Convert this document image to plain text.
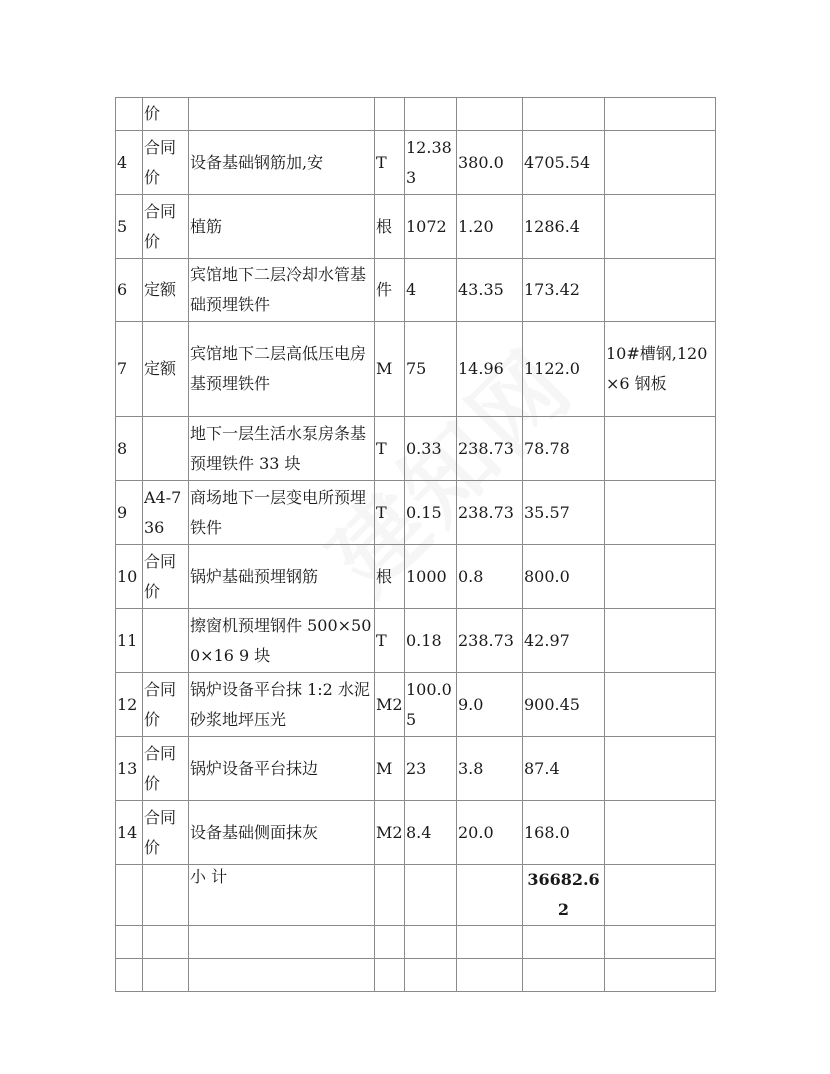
	价						
4	合同价	设备基础钢筋加,安	T	12.383	380.0	4705.54	
5	合同价	植筋	根	1072	1.20	1286.4	
6	定额	宾馆地下二层冷却水管基础预埋铁件	件	4	43.35	173.42	
7	定额	宾馆地下二层高低压电房基预埋铁件	M	75	14.96	1122.0	10#槽钢,120×6 钢板
8		地下一层生活水泵房条基预埋铁件 33 块	T	0.33	238.73	78.78	
9	A4-736	商场地下一层变电所预埋铁件	T	0.15	238.73	35.57	
10	合同价	锅炉基础预埋钢筋	根	1000	0.8	800.0	
11		擦窗机预埋钢件 500×500×16 9 块	T	0.18	238.73	42.97	
12	合同价	锅炉设备平台抹 1:2 水泥砂浆地坪压光	M2	100.05	9.0	900.45	
13	合同价	锅炉设备平台抹边	M	23	3.8	87.4	
14	合同价	设备基础侧面抹灰	M2	8.4	20.0	168.0	
		小 计				36682.62	
